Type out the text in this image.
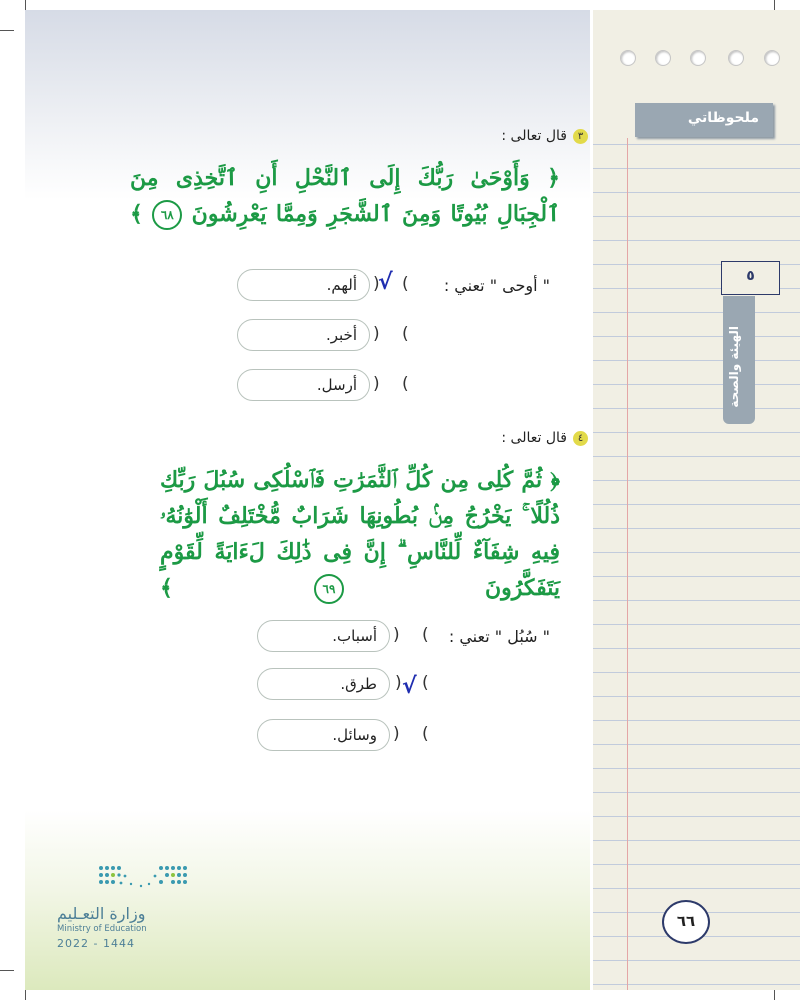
٣
قال تعالى :
﴿ وَأَوْحَىٰ رَبُّكَ إِلَى ٱلنَّحْلِ أَنِ ٱتَّخِذِى مِنَ ٱلْجِبَالِ بُيُوتًا وَمِنَ ٱلشَّجَرِ وَمِمَّا يَعْرِشُونَ ٦٨ ﴾
" أوحى " تعني :
ألهم.	(
√
)
أخبر.	(
)
أرسل.	(
)
٤
قال تعالى :
﴿ ثُمَّ كُلِى مِن كُلِّ ٱلثَّمَرَٰتِ فَٱسْلُكِى سُبُلَ رَبِّكِ ذُلُلًا ۚ يَخْرُجُ مِنۢ بُطُونِهَا شَرَابٌ مُّخْتَلِفٌ أَلْوَٰنُهُۥ فِيهِ شِفَآءٌ لِّلنَّاسِ ۗ إِنَّ فِى ذَٰلِكَ لَءَايَةً لِّقَوْمٍ يَتَفَكَّرُونَ ٦٩ ﴾
" سُبُل " تعني :
أسباب.	(
)
طرق.	(
√
)
وسائل.	(
)
وزارة التعـليم
Ministry of Education
2022 - 1444
ملحوظاتي
٥
الهيئة والصحة
٦٦
